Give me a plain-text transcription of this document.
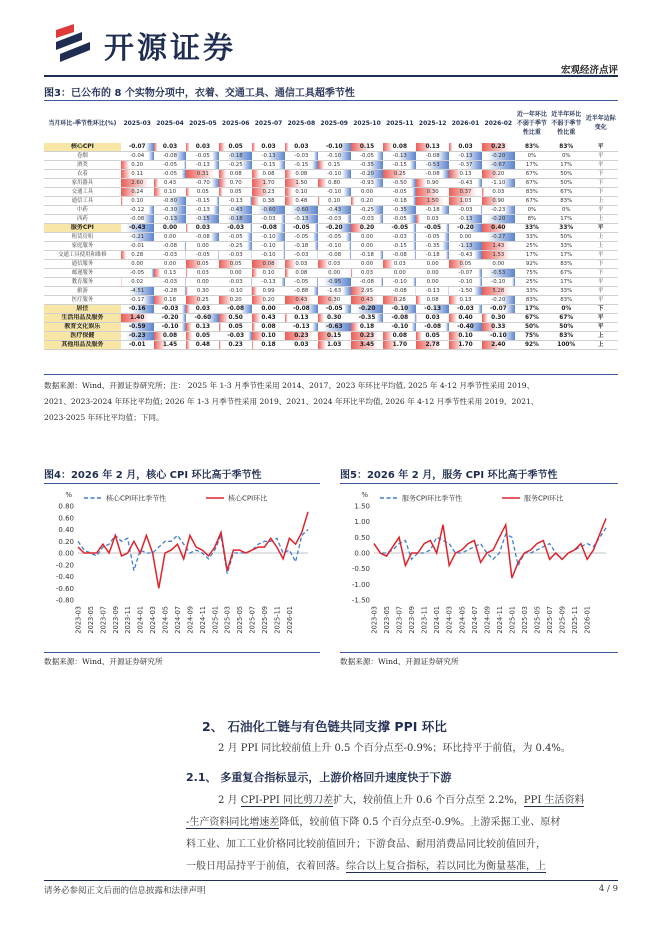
开源证券
宏观经济点评
图3：已公布的 8 个实物分项中，衣着、交通工具、通信工具超季节性
当月环比-季节性环比(%)	2025-03	2025-04	2025-05	2025-06	2025-07	2025-08	2025-09	2025-10	2025-11	2025-12	2026-01	2026-02	近一年环比不弱于季节性比重	近半年环比不弱于季节性比重	近半年边际变化
核心CPI	-0.07	0.03	0.03	0.05	0.03	0.03	-0.10	0.15	0.08	0.13	0.03	0.23	83%	83%	平
卷烟	-0.04	-0.08	-0.05	-0.18	-0.13	-0.03	-0.10	-0.05	-0.13	-0.08	-0.13	-0.20	0%	0%	平
酒类	0.20	-0.05	-0.13	-0.25	-0.15	-0.15	0.15	-0.35	-0.15	-0.53	-0.37	-0.67	17%	17%	平
衣着	0.11	-0.05	0.31	0.08	0.08	0.08	-0.10	-0.20	0.25	-0.08	0.13	0.20	67%	50%	下
家用器具	2.60	0.43	-0.70	0.70	1.70	1.50	0.80	-0.93	-0.50	0.90	-0.43	-1.10	67%	50%	下
交通工具	0.24	0.10	0.05	0.05	0.23	0.10	-0.10	0.00	-0.05	0.30	0.37	0.03	83%	67%	下
通信工具	0.10	-0.80	-0.15	-0.13	0.38	0.48	0.10	0.20	-0.18	1.50	1.03	0.90	67%	83%	上
中药	-0.12	-0.30	-0.13	-0.43	-0.60	-0.60	-0.43	-0.25	-0.35	-0.18	-0.03	-0.23	0%	0%	平
西药	-0.08	-0.13	-0.15	-0.18	-0.03	-0.13	-0.03	-0.03	-0.05	0.03	-0.13	-0.20	8%	17%	上
服务CPI	-0.43	0.00	0.03	-0.03	-0.08	-0.05	-0.20	0.20	-0.05	-0.05	-0.20	0.40	33%	33%	平
租赁房租	-0.21	0.00	-0.08	-0.05	-0.10	-0.05	-0.05	0.00	-0.03	-0.05	0.00	-0.27	33%	50%	上
家庭服务	-0.01	-0.08	0.00	-0.25	-0.10	-0.18	-0.10	0.00	-0.15	-0.35	-1.13	1.43	25%	33%	上
交通工具使用和维修	0.28	-0.03	-0.05	-0.03	-0.10	-0.03	-0.08	-0.18	-0.08	-0.18	-0.43	1.53	17%	17%	平
通信服务	0.00	0.00	0.05	0.05	0.08	0.03	0.03	0.00	0.03	0.00	0.05	0.00	92%	83%	下
邮递服务	-0.05	0.13	0.03	0.00	0.10	0.08	0.00	0.03	0.00	0.00	-0.07	-0.53	75%	67%	下
教育服务	0.02	-0.03	0.00	-0.03	-0.13	-0.05	-0.95	-0.08	-0.10	0.00	-0.10	-0.10	25%	17%	平
旅游	-4.51	-0.28	0.30	-0.10	0.99	-0.88	-1.63	2.95	-0.08	-0.13	-1.50	5.28	33%	33%	平
医疗服务	-0.17	0.18	0.25	0.20	0.20	0.43	0.30	0.43	0.28	0.08	0.13	-0.20	83%	83%	平
居住	-0.16	-0.03	0.03	-0.08	0.00	-0.08	-0.05	-0.20	-0.10	-0.13	-0.03	-0.07	17%	0%	下
生活用品及服务	1.40	-0.20	-0.60	0.50	0.43	0.13	0.30	-0.35	-0.08	0.03	0.40	0.30	67%	67%	平
教育文化娱乐	-0.59	-0.10	0.13	0.05	0.08	-0.13	-0.63	0.18	-0.10	-0.08	-0.40	0.33	50%	50%	平
医疗保健	-0.23	0.08	0.05	-0.03	0.10	0.23	0.15	0.23	0.08	0.05	0.10	-0.10	75%	83%	上
其他用品及服务	-0.01	1.45	0.48	0.23	0.18	0.03	1.03	3.45	1.70	2.78	1.70	2.40	92%	100%	上
数据来源：Wind、开源证券研究所；注： 2025 年 1-3 月季节性采用 2014、2017、2023 年环比平均值, 2025 年 4-12 月季节性采用 2019、
2021、2023-2024 年环比平均值; 2026 年 1-3 月季节性采用 2019、2021、2024 年环比平均值, 2026 年 4-12 月季节性采用 2019、2021、
2023-2025 年环比平均值；下同。
图4：2026 年 2 月，核心 CPI 环比高于季节性
%
0.80
0.60
0.40
0.20
0.00
-0.20
-0.40
-0.60
-0.80
2023-03 2023-05 2023-07 2023-09 2023-11 2024-01 2024-03 2024-05 2024-07 2024-09 2024-11 2025-01 2025-03 2025-05 2025-07 2025-09 2025-11 2026-01
核心CPI环比季节性	核心CPI环比
数据来源：Wind、开源证券研究所
图5：2026 年 2 月，服务 CPI 环比高于季节性
%
1.50
1.00
0.50
0.00
-0.50
-1.00
-1.50
2023-03 2023-05 2023-07 2023-09 2023-11 2024-01 2024-03 2024-05 2024-07 2024-09 2024-11 2025-01 2025-03 2025-05 2025-07 2025-09 2025-11 2026-01
服务CPI环比季节性	服务CPI环比
数据来源：Wind、开源证券研究所
2、 石油化工链与有色链共同支撑 PPI 环比
2 月 PPI 同比较前值上升 0.5 个百分点至-0.9%；环比持平于前值，为 0.4%。
2.1、 多重复合指标显示，上游价格回升速度快于下游
2 月 CPI-PPI 同比剪刀差扩大，较前值上升 0.6 个百分点至 2.2%，PPI 生活资料
-生产资料同比增速差降低，较前值下降 0.5 个百分点至-0.9%。上游采掘工业、原材
料工业、加工工业价格同比较前值回升；下游食品、耐用消费品同比较前值回升，
一般日用品持平于前值，衣着回落。综合以上复合指标，若以同比为衡量基准，上
请务必参阅正文后面的信息披露和法律声明	4 / 9
